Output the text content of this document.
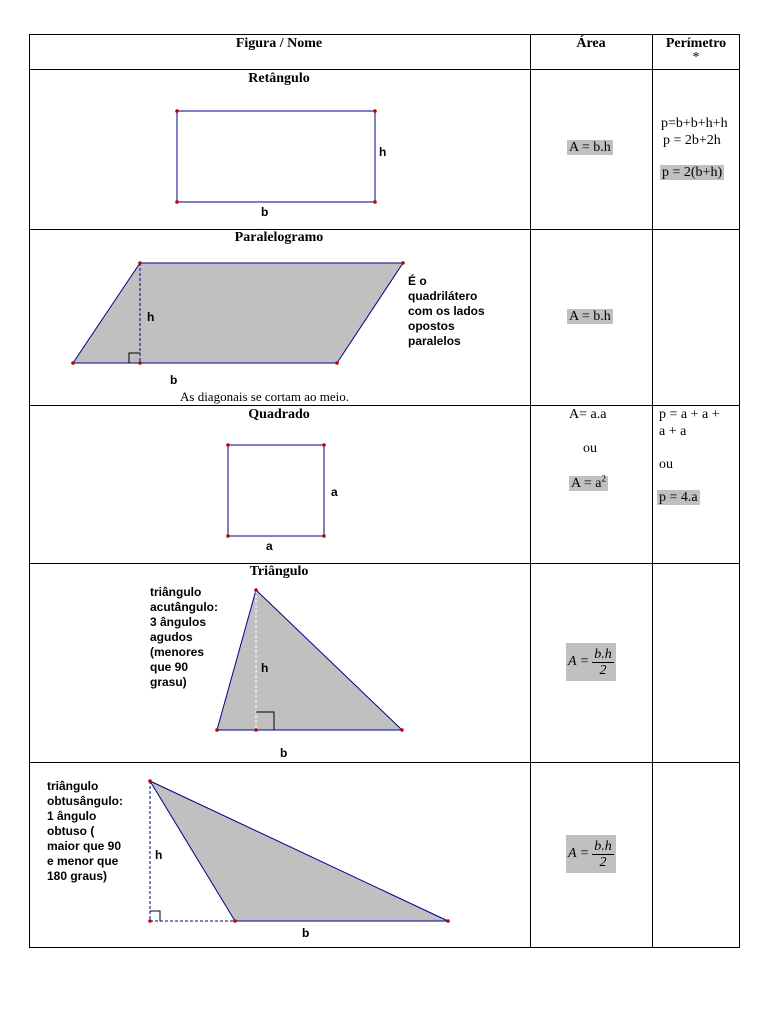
Figura / Nome	Área	Perímetro
*
Retângulo
h
b
A = b.h
p=b+b+h+h
p = 2b+2h
p = 2(b+h)
Paralelogramo
h
b
É o
quadrilátero
com os lados
opostos
paralelos
As diagonais se cortam ao meio.
A = b.h
Quadrado
a
a
A= a.a
ou
$A = a^2$
p = a + a +
a + a
ou
p = 4.a
Triângulo
triângulo
acutângulo:
3 ângulos
agudos
(menores
que 90
grasu)
h
b
$A = \frac{b.h}{2}$
triângulo
obtusângulo:
1 ângulo
obtuso (
maior que 90
e menor que
180 graus)
h
b
$A = \frac{b.h}{2}$
